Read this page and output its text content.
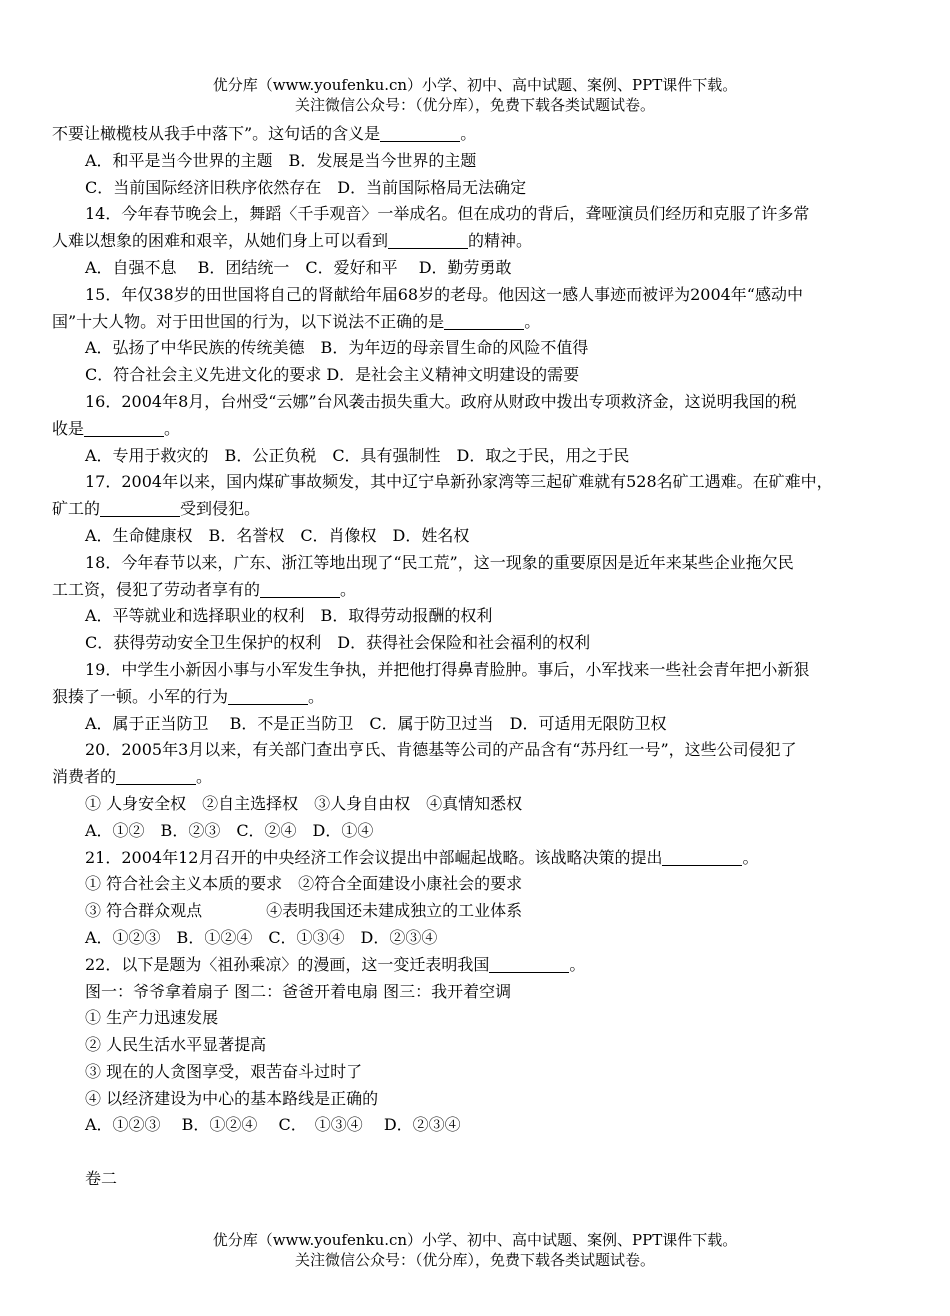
优分库（www.youfenku.cn）小学、初中、高中试题、案例、PPT课件下载。
关注微信公众号：（优分库），免费下载各类试题试卷。
不要让橄榄枝从我手中落下”。这句话的含义是	。
A．和平是当今世界的主题　B．发展是当今世界的主题
C．当前国际经济旧秩序依然存在　D．当前国际格局无法确定
14．今年春节晚会上，舞蹈〈千手观音〉一举成名。但在成功的背后，聋哑演员们经历和克服了许多常
人难以想象的困难和艰辛，从她们身上可以看到	的精神。
A．自强不息　 B．团结统一　C．爱好和平　 D．勤劳勇敢
15．年仅38岁的田世国将自己的肾献给年届68岁的老母。他因这一感人事迹而被评为2004年“感动中
国”十大人物。对于田世国的行为，以下说法不正确的是	。
A．弘扬了中华民族的传统美德　B．为年迈的母亲冒生命的风险不值得
C．符合社会主义先进文化的要求 D．是社会主义精神文明建设的需要
16．2004年8月，台州受“云娜”台风袭击损失重大。政府从财政中拨出专项救济金，这说明我国的税
收是	。
A．专用于救灾的　B．公正负税　C．具有强制性　D．取之于民，用之于民
17．2004年以来，国内煤矿事故频发，其中辽宁阜新孙家湾等三起矿难就有528名矿工遇难。在矿难中，
矿工的	受到侵犯。
A．生命健康权　B．名誉权　C．肖像权　D．姓名权
18．今年春节以来，广东、浙江等地出现了“民工荒”，这一现象的重要原因是近年来某些企业拖欠民
工工资，侵犯了劳动者享有的	。
A．平等就业和选择职业的权利　B．取得劳动报酬的权利
C．获得劳动安全卫生保护的权利　D．获得社会保险和社会福利的权利
19．中学生小新因小事与小军发生争执，并把他打得鼻青脸肿。事后，小军找来一些社会青年把小新狠
狠揍了一顿。小军的行为	。
A．属于正当防卫　 B．不是正当防卫　C．属于防卫过当　D．可适用无限防卫权
20．2005年3月以来，有关部门查出亨氏、肯德基等公司的产品含有“苏丹红一号”，这些公司侵犯了
消费者的	。
① 人身安全权　②自主选择权　③人身自由权　④真情知悉权
A．①②　B．②③　C．②④　D．①④
21．2004年12月召开的中央经济工作会议提出中部崛起战略。该战略决策的提出	。
① 符合社会主义本质的要求　②符合全面建设小康社会的要求
③ 符合群众观点　　　　④表明我国还未建成独立的工业体系
A．①②③　B．①②④　C．①③④　D．②③④
22．以下是题为〈祖孙乘凉〉的漫画，这一变迁表明我国	。
图一：爷爷拿着扇子 图二：爸爸开着电扇 图三：我开着空调
① 生产力迅速发展
② 人民生活水平显著提高
③ 现在的人贪图享受，艰苦奋斗过时了
④ 以经济建设为中心的基本路线是正确的
A．①②③　 B．①②④　 C．　①③④　 D．②③④
卷二
优分库（www.youfenku.cn）小学、初中、高中试题、案例、PPT课件下载。
关注微信公众号：（优分库），免费下载各类试题试卷。
